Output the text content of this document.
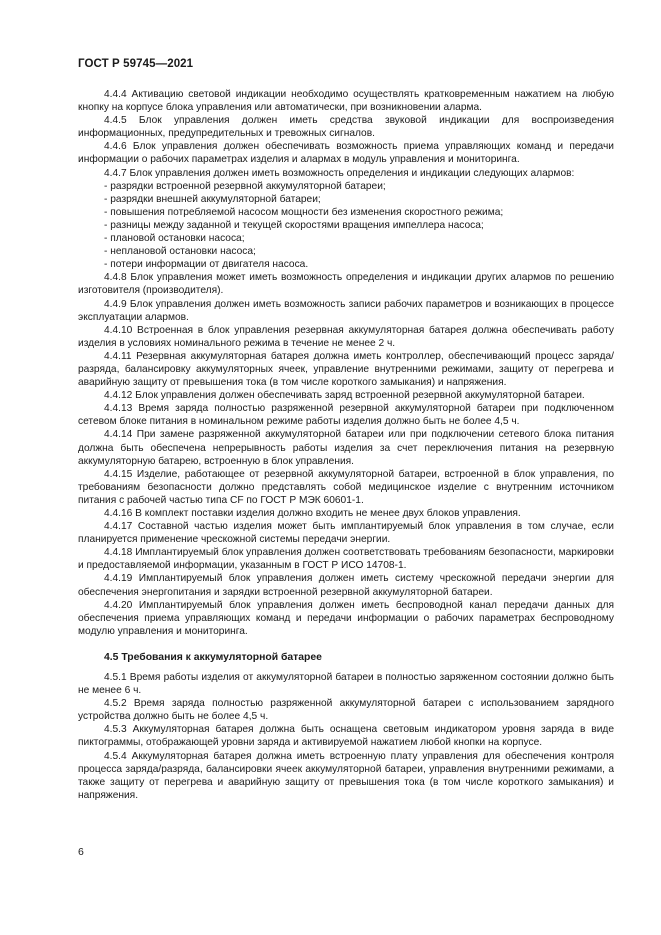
ГОСТ Р 59745—2021

4.4.4 Активацию световой индикации необходимо осуществлять кратковременным нажатием на любую кнопку на корпусе блока управления или автоматически, при возникновении аларма.

4.4.5 Блок управления должен иметь средства звуковой индикации для воспроизведения информационных, предупредительных и тревожных сигналов.

4.4.6 Блок управления должен обеспечивать возможность приема управляющих команд и передачи информации о рабочих параметрах изделия и алармах в модуль управления и мониторинга.

4.4.7 Блок управления должен иметь возможность определения и индикации следующих алармов:

- разрядки встроенной резервной аккумуляторной батареи;

- разрядки внешней аккумуляторной батареи;

- повышения потребляемой насосом мощности без изменения скоростного режима;

- разницы между заданной и текущей скоростями вращения импеллера насоса;

- плановой остановки насоса;

- неплановой остановки насоса;

- потери информации от двигателя насоса.

4.4.8 Блок управления может иметь возможность определения и индикации других алармов по решению изготовителя (производителя).

4.4.9 Блок управления должен иметь возможность записи рабочих параметров и возникающих в процессе эксплуатации алармов.

4.4.10 Встроенная в блок управления резервная аккумуляторная батарея должна обеспечивать работу изделия в условиях номинального режима в течение не менее 2 ч.

4.4.11 Резервная аккумуляторная батарея должна иметь контроллер, обеспечивающий процесс заряда/разряда, балансировку аккумуляторных ячеек, управление внутренними режимами, защиту от перегрева и аварийную защиту от превышения тока (в том числе короткого замыкания) и напряжения.

4.4.12 Блок управления должен обеспечивать заряд встроенной резервной аккумуляторной батареи.

4.4.13 Время заряда полностью разряженной резервной аккумуляторной батареи при подключенном сетевом блоке питания в номинальном режиме работы изделия должно быть не более 4,5 ч.

4.4.14 При замене разряженной аккумуляторной батареи или при подключении сетевого блока питания должна быть обеспечена непрерывность работы изделия за счет переключения питания на резервную аккумуляторную батарею, встроенную в блок управления.

4.4.15 Изделие, работающее от резервной аккумуляторной батареи, встроенной в блок управления, по требованиям безопасности должно представлять собой медицинское изделие с внутренним источником питания с рабочей частью типа CF по ГОСТ Р МЭК 60601-1.

4.4.16 В комплект поставки изделия должно входить не менее двух блоков управления.

4.4.17 Составной частью изделия может быть имплантируемый блок управления в том случае, если планируется применение чрескожной системы передачи энергии.

4.4.18 Имплантируемый блок управления должен соответствовать требованиям безопасности, маркировки и предоставляемой информации, указанным в ГОСТ Р ИСО 14708-1.

4.4.19 Имплантируемый блок управления должен иметь систему чрескожной передачи энергии для обеспечения энергопитания и зарядки встроенной резервной аккумуляторной батареи.

4.4.20 Имплантируемый блок управления должен иметь беспроводной канал передачи данных для обеспечения приема управляющих команд и передачи информации о рабочих параметрах беспроводному модулю управления и мониторинга.

4.5 Требования к аккумуляторной батарее

4.5.1 Время работы изделия от аккумуляторной батареи в полностью заряженном состоянии должно быть не менее 6 ч.

4.5.2 Время заряда полностью разряженной аккумуляторной батареи с использованием зарядного устройства должно быть не более 4,5 ч.

4.5.3 Аккумуляторная батарея должна быть оснащена световым индикатором уровня заряда в виде пиктограммы, отображающей уровни заряда и активируемой нажатием любой кнопки на корпусе.

4.5.4 Аккумуляторная батарея должна иметь встроенную плату управления для обеспечения контроля процесса заряда/разряда, балансировки ячеек аккумуляторной батареи, управления внутренними режимами, а также защиту от перегрева и аварийную защиту от превышения тока (в том числе короткого замыкания) и напряжения.

6
